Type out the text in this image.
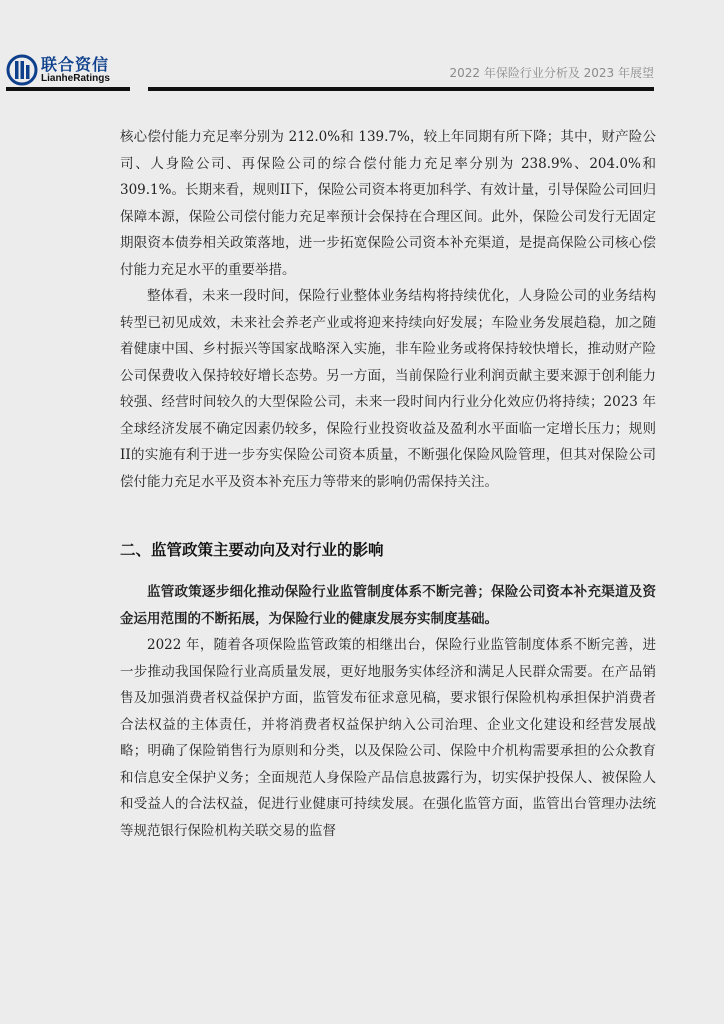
联合资信
LianheRatings	2022 年保险行业分析及 2023 年展望

核心偿付能力充足率分别为 212.0%和 139.7%，较上年同期有所下降；其中，财产险公司、人身险公司、再保险公司的综合偿付能力充足率分别为 238.9%、204.0%和 309.1%。长期来看，规则II下，保险公司资本将更加科学、有效计量，引导保险公司回归保障本源，保险公司偿付能力充足率预计会保持在合理区间。此外，保险公司发行无固定期限资本债券相关政策落地，进一步拓宽保险公司资本补充渠道，是提高保险公司核心偿付能力充足水平的重要举措。

整体看，未来一段时间，保险行业整体业务结构将持续优化，人身险公司的业务结构转型已初见成效，未来社会养老产业或将迎来持续向好发展；车险业务发展趋稳，加之随着健康中国、乡村振兴等国家战略深入实施，非车险业务或将保持较快增长，推动财产险公司保费收入保持较好增长态势。另一方面，当前保险行业利润贡献主要来源于创利能力较强、经营时间较久的大型保险公司，未来一段时间内行业分化效应仍将持续；2023 年全球经济发展不确定因素仍较多，保险行业投资收益及盈利水平面临一定增长压力；规则II的实施有利于进一步夯实保险公司资本质量，不断强化保险风险管理，但其对保险公司偿付能力充足水平及资本补充压力等带来的影响仍需保持关注。

二、监管政策主要动向及对行业的影响

监管政策逐步细化推动保险行业监管制度体系不断完善；保险公司资本补充渠道及资金运用范围的不断拓展，为保险行业的健康发展夯实制度基础。

2022 年，随着各项保险监管政策的相继出台，保险行业监管制度体系不断完善，进一步推动我国保险行业高质量发展，更好地服务实体经济和满足人民群众需要。在产品销售及加强消费者权益保护方面，监管发布征求意见稿，要求银行保险机构承担保护消费者合法权益的主体责任，并将消费者权益保护纳入公司治理、企业文化建设和经营发展战略；明确了保险销售行为原则和分类，以及保险公司、保险中介机构需要承担的公众教育和信息安全保护义务；全面规范人身保险产品信息披露行为，切实保护投保人、被保险人和受益人的合法权益，促进行业健康可持续发展。在强化监管方面，监管出台管理办法统等规范银行保险机构关联交易的监督
